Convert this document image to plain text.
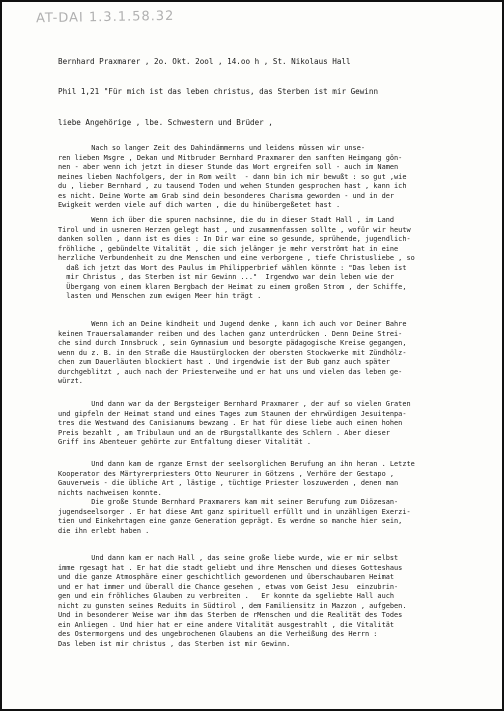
AT-DAI 1.3.1.58.32
Bernhard Praxmarer , 2o. Okt. 2ool , 14.oo h , St. Nikolaus Hall
Phil 1,21 "Für mich ist das leben christus, das Sterben ist mir Gewinn
liebe Angehörige , lbe. Schwestern und Brüder ,
Nach so langer Zeit des Dahindämmerns und leidens müssen wir unse-
ren lieben Msgre , Dekan und Mitbruder Bernhard Praxmarer den sanften Heimgang gön-
nen - aber wenn ich jetzt in dieser Stunde das Wort ergreifen soll - auch im Namen
meines lieben Nachfolgers, der in Rom weilt  - dann bin ich mir bewußt : so gut ,wie
du , lieber Bernhard , zu tausend Toden und wehen Stunden gesprochen hast , kann ich
es nicht. Deine Worte am Grab sind dein besonderes Charisma geworden - und in der
Ewigkeit werden viele auf dich warten , die du hinübergeßetet hast .
Wenn ich über die spuren nachsinne, die du in dieser Stadt Hall , im Land
Tirol und in usneren Herzen gelegt hast , und zusammenfassen sollte , wofür wir heutw
danken sollen , dann ist es dies : In Dir war eine so gesunde, sprühende, jugendlich-
fröhliche , gebündelte Vitalität , die sich jelänger je mehr verströmt hat in eine
herzliche Verbundenheit zu dne Menschen und eine verborgene , tiefe Christusliebe , so
daß ich jetzt das Wort des Paulus im Philipperbrief wählen könnte : "Das leben ist
mir Christus , das Sterben ist mir Gewinn ..."  Irgendwo war dein leben wie der
Übergang von einem klaren Bergbach der Heimat zu einem großen Strom , der Schiffe,
lasten und Menschen zum ewigen Meer hin trägt .
Wenn ich an Deine kindheit und Jugend denke , kann ich auch vor Deiner Bahre
keinen Trauersalamander reiben und des lachen ganz unterdrücken . Denn Deine Strei-
che sind durch Innsbruck , sein Gymnasium und besorgte pädagogische Kreise gegangen,
wenn du z. B. in den Straße die Haustürglocken der obersten Stockwerke mit Zündhölz-
chen zum Dauerläuten blockiert hast . Und irgendwie ist der Bub ganz auch später
durchgeblitzt , auch nach der Priesterweihe und er hat uns und vielen das leben ge-
würzt.
Und dann war da der Bergsteiger Bernhard Praxmarer , der auf so vielen Graten
und gipfeln der Heimat stand und eines Tages zum Staunen der ehrwürdigen Jesuitenpa-
tres die Westwand des Canisianums bewzang . Er hat für diese liebe auch einen hohen
Preis bezahlt , am Tribulaun und an de rBurgstallkante des Schlern . Aber dieser
Griff ins Abenteuer gehörte zur Entfaltung dieser Vitalität .
Und dann kam de rganze Ernst der seelsorglichen Berufung an ihn heran . Letzte
Kooperator des Märtyrerpriesters Otto Neururer in Götzens , Verhöre der Gestapo ,
Gauverweis - die übliche Art , lästige , tüchtige Priester loszuwerden , denen man
nichts nachweisen konnte.
Die große Stunde Bernhard Praxmarers kam mit seiner Berufung zum Diözesan-
jugendseelsorger . Er hat diese Amt ganz spirituell erfüllt und in unzähligen Exerzi-
tien und Einkehrtagen eine ganze Generation geprägt. Es werdne so manche hier sein,
die ihn erlebt haben .
Und dann kam er nach Hall , das seine große liebe wurde, wie er mir selbst
imme rgesagt hat . Er hat die stadt geliebt und ihre Menschen und dieses Gotteshaus
und die ganze Atmosphäre einer geschichtlich gewordenen und überschaubaren Heimat
und er hat immer und überall die Chance gesehen , etwas vom Geist Jesu  einzubrin-
gen und ein fröhliches Glauben zu verbreiten .   Er konnte da sgeliebte Hall auch
nicht zu gunsten seines Reduits in Südtirol , dem Familiensitz in Mazzon , aufgeben.
Und in besonderer Weise war ihm das Sterben de rMenschen und die Realität des Todes
ein Anliegen . Und hier hat er eine andere Vitalität ausgestrahlt , die Vitalität
des Ostermorgens und des ungebrochenen Glaubens an die Verheißung des Herrn :
Das leben ist mir christus , das Sterben ist mir Gewinn.
